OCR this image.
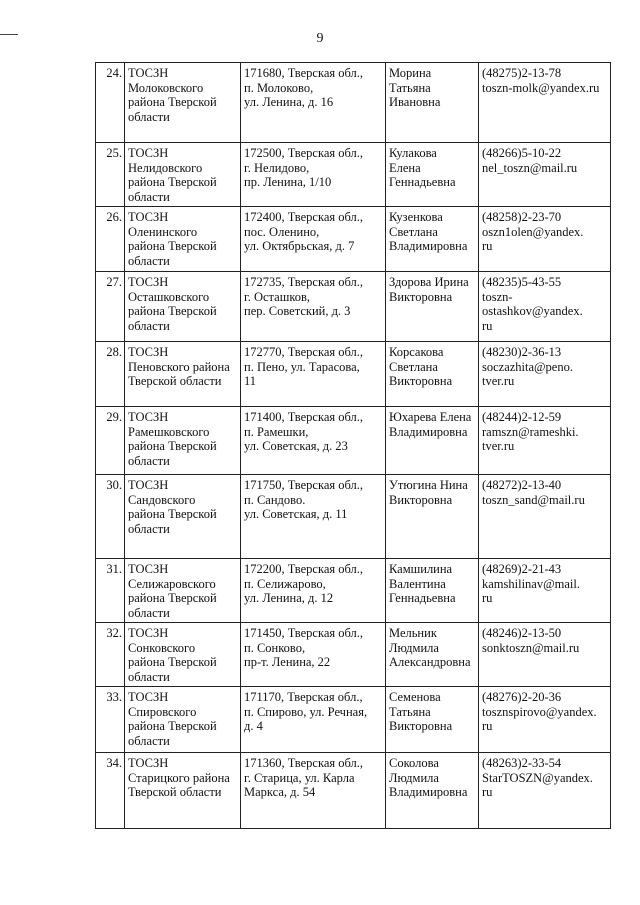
9
24.	ТОСЗН
Молоковского
района Тверской
области	171680, Тверская обл.,
п. Молоково,
ул. Ленина, д. 16	Морина
Татьяна
Ивановна	(48275)2-13-78
toszn-molk@yandex.ru
25.	ТОСЗН
Нелидовского
района Тверской
области	172500, Тверская обл.,
г. Нелидово,
пр. Ленина, 1/10	Кулакова
Елена
Геннадьевна	(48266)5-10-22
nel_toszn@mail.ru
26.	ТОСЗН
Оленинского
района Тверской
области	172400, Тверская обл.,
пос. Оленино,
ул. Октябрьская, д. 7	Кузенкова
Светлана
Владимировна	(48258)2-23-70
oszn1olen@yandex.
ru
27.	ТОСЗН
Осташковского
района Тверской
области	172735, Тверская обл.,
г. Осташков,
пер. Советский, д. 3	Здорова Ирина
Викторовна	(48235)5-43-55
toszn-
ostashkov@yandex.
ru
28.	ТОСЗН
Пеновского района
Тверской области	172770, Тверская обл.,
п. Пено, ул. Тарасова,
11	Корсакова
Светлана
Викторовна	(48230)2-36-13
soczazhita@peno.
tver.ru
29.	ТОСЗН
Рамешковского
района Тверской
области	171400, Тверская обл.,
п. Рамешки,
ул. Советская, д. 23	Юхарева Елена
Владимировна	(48244)2-12-59
ramszn@rameshki.
tver.ru
30.	ТОСЗН
Сандовского
района Тверской
области	171750, Тверская обл.,
п. Сандово.
ул. Советская, д. 11	Утюгина Нина
Викторовна	(48272)2-13-40
toszn_sand@mail.ru
31.	ТОСЗН
Селижаровского
района Тверской
области	172200, Тверская обл.,
п. Селижарово,
ул. Ленина, д. 12	Камшилина
Валентина
Геннадьевна	(48269)2-21-43
kamshilinav@mail.
ru
32.	ТОСЗН
Сонковского
района Тверской
области	171450, Тверская обл.,
п. Сонково,
пр-т. Ленина, 22	Мельник
Людмила
Александровна	(48246)2-13-50
sonktoszn@mail.ru
33.	ТОСЗН
Спировского
района Тверской
области	171170, Тверская обл.,
п. Спирово, ул. Речная,
д. 4	Семенова
Татьяна
Викторовна	(48276)2-20-36
tosznspirovo@yandex.
ru
34.	ТОСЗН
Старицкого района
Тверской области	171360, Тверская обл.,
г. Старица, ул. Карла
Маркса, д. 54	Соколова
Людмила
Владимировна	(48263)2-33-54
StarTOSZN@yandex.
ru
